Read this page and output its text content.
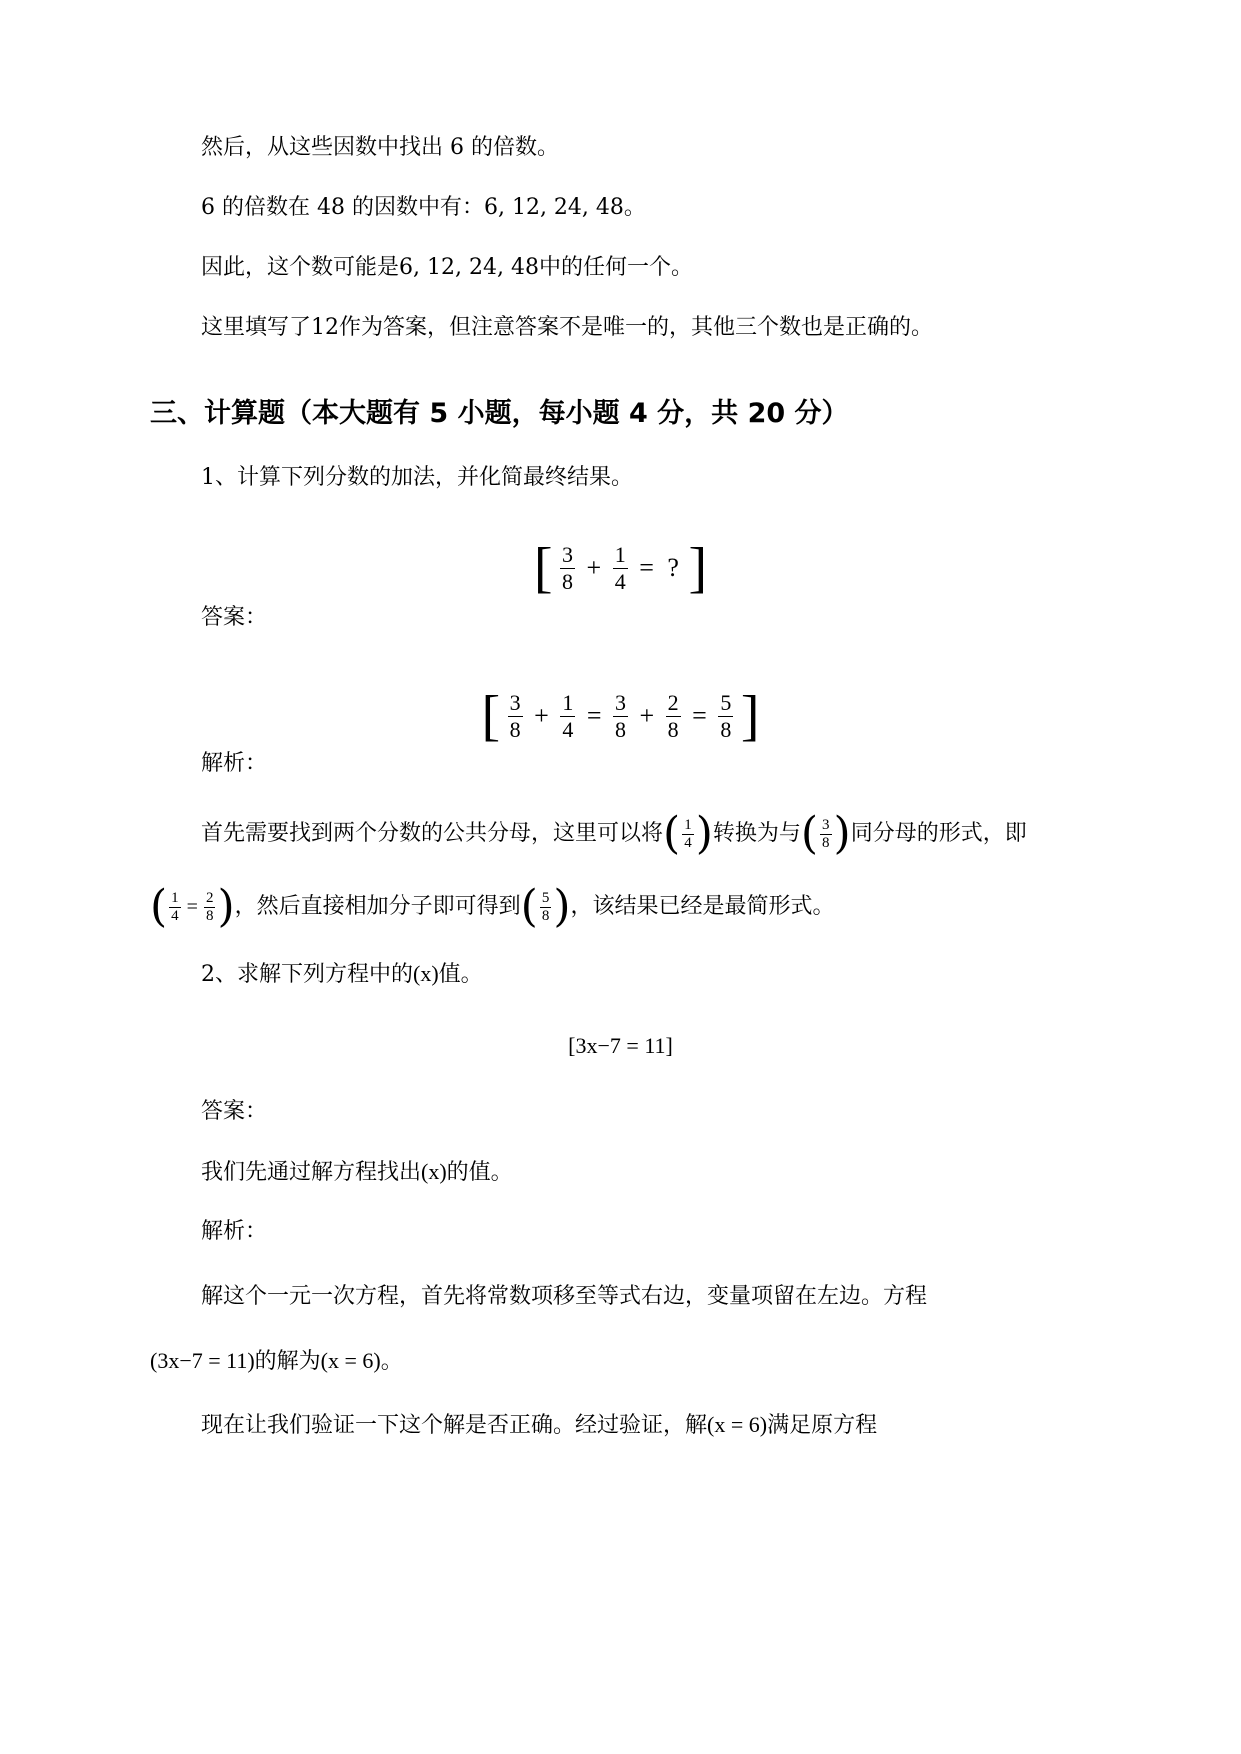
然后，从这些因数中找出 6 的倍数。
6 的倍数在 48 的因数中有：6, 12, 24, 48。
因此，这个数可能是6, 12, 24, 48中的任何一个。
这里填写了12作为答案，但注意答案不是唯一的，其他三个数也是正确的。
三、计算题（本大题有 5 小题，每小题 4 分，共 20 分）
1、计算下列分数的加法，并化简最终结果。
[ $\frac{3}{8} + \frac{1}{4}$ = ? ]
答案：
[ $\frac{3}{8} + \frac{1}{4} = \frac{3}{8} + \frac{2}{8} = \frac{5}{8}$ ]
解析：
首先需要找到两个分数的公共分母，这里可以将( $\frac{1}{4}$ )转换为与( $\frac{3}{8}$ )同分母的形式，即
( $\frac{1}{4} = \frac{2}{8}$ )，然后直接相加分子即可得到( $\frac{5}{8}$ )，该结果已经是最简形式。
2、求解下列方程中的(x)值。
[3x−7 = 11]
答案：
我们先通过解方程找出(x)的值。
解析：
解这个一元一次方程，首先将常数项移至等式右边，变量项留在左边。方程
(3x−7 = 11)的解为(x = 6)。
现在让我们验证一下这个解是否正确。经过验证，解(x = 6)满足原方程
